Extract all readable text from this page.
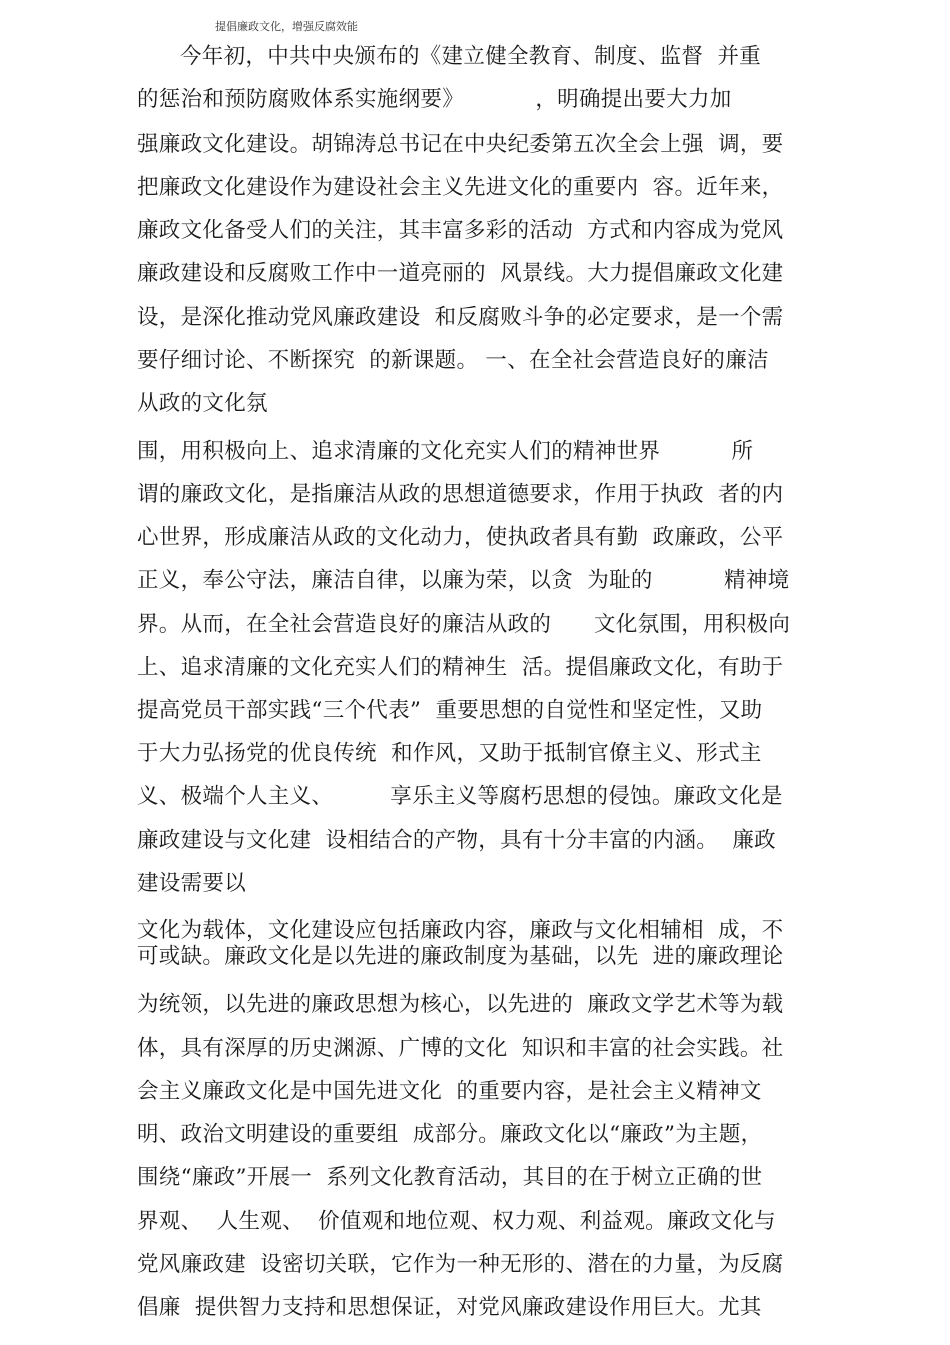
提倡廉政文化，增强反腐效能
今年初，中共中央颁布的《建立健全教育、制度、监督  并重
的惩治和预防腐败体系实施纲要》          ，明确提出要大力加
强廉政文化建设。胡锦涛总书记在中央纪委第五次全会上强  调，要
把廉政文化建设作为建设社会主义先进文化的重要内  容。近年来，
廉政文化备受人们的关注，其丰富多彩的活动  方式和内容成为党风
廉政建设和反腐败工作中一道亮丽的  风景线。大力提倡廉政文化建
设，是深化推动党风廉政建设  和反腐败斗争的必定要求，是一个需
要仔细讨论、不断探究  的新课题。 一、在全社会营造良好的廉洁
从政的文化氛
围，用积极向上、追求清廉的文化充实人们的精神世界          所
谓的廉政文化，是指廉洁从政的思想道德要求，作用于执政  者的内
心世界，形成廉洁从政的文化动力，使执政者具有勤  政廉政，公平
正义，奉公守法，廉洁自律，以廉为荣，以贪  为耻的          精神境
界。从而，在全社会营造良好的廉洁从政的      文化氛围，用积极向
上、追求清廉的文化充实人们的精神生  活。提倡廉政文化，有助于
提高党员干部实践“三个代表”  重要思想的自觉性和坚定性，又助
于大力弘扬党的优良传统  和作风，又助于抵制官僚主义、形式主
义、极端个人主义、        享乐主义等腐朽思想的侵蚀。廉政文化是
廉政建设与文化建  设相结合的产物，具有十分丰富的内涵。  廉政
建设需要以
文化为载体，文化建设应包括廉政内容，廉政与文化相辅相  成，不
可或缺。廉政文化是以先进的廉政制度为基础，以先  进的廉政理论
为统领，以先进的廉政思想为核心，以先进的  廉政文学艺术等为载
体，具有深厚的历史渊源、广博的文化  知识和丰富的社会实践。社
会主义廉政文化是中国先进文化  的重要内容，是社会主义精神文
明、政治文明建设的重要组  成部分。廉政文化以“廉政”为主题，
围绕“廉政”开展一  系列文化教育活动，其目的在于树立正确的世
界观、  人生观、  价值观和地位观、权力观、利益观。廉政文化与
党风廉政建  设密切关联，它作为一种无形的、潜在的力量，为反腐
倡廉  提供智力支持和思想保证，对党风廉政建设作用巨大。尤其
